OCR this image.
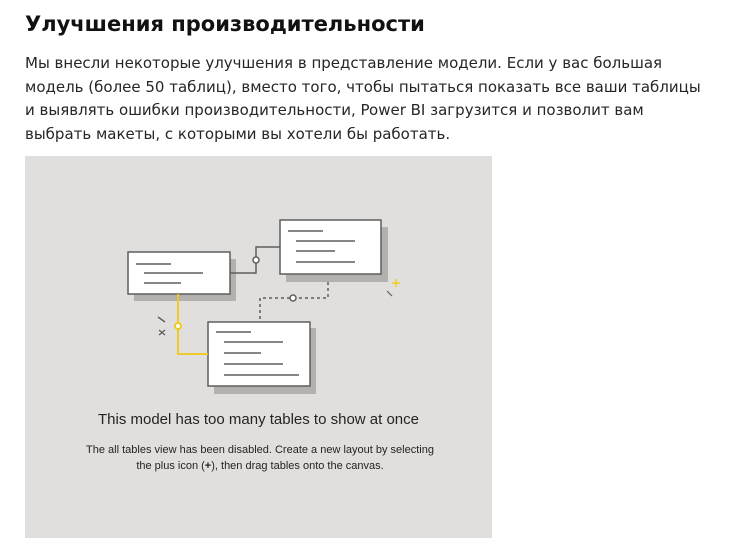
Улучшения производительности

Мы внесли некоторые улучшения в представление модели. Если у вас большая модель (более 50 таблиц), вместо того, чтобы пытаться показать все ваши таблицы и выявлять ошибки производительности, Power BI загрузится и позволит вам выбрать макеты, с которыми вы хотели бы работать.

This model has too many tables to show at once
The all tables view has been disabled. Create a new layout by selecting the plus icon (+), then drag tables onto the canvas.
